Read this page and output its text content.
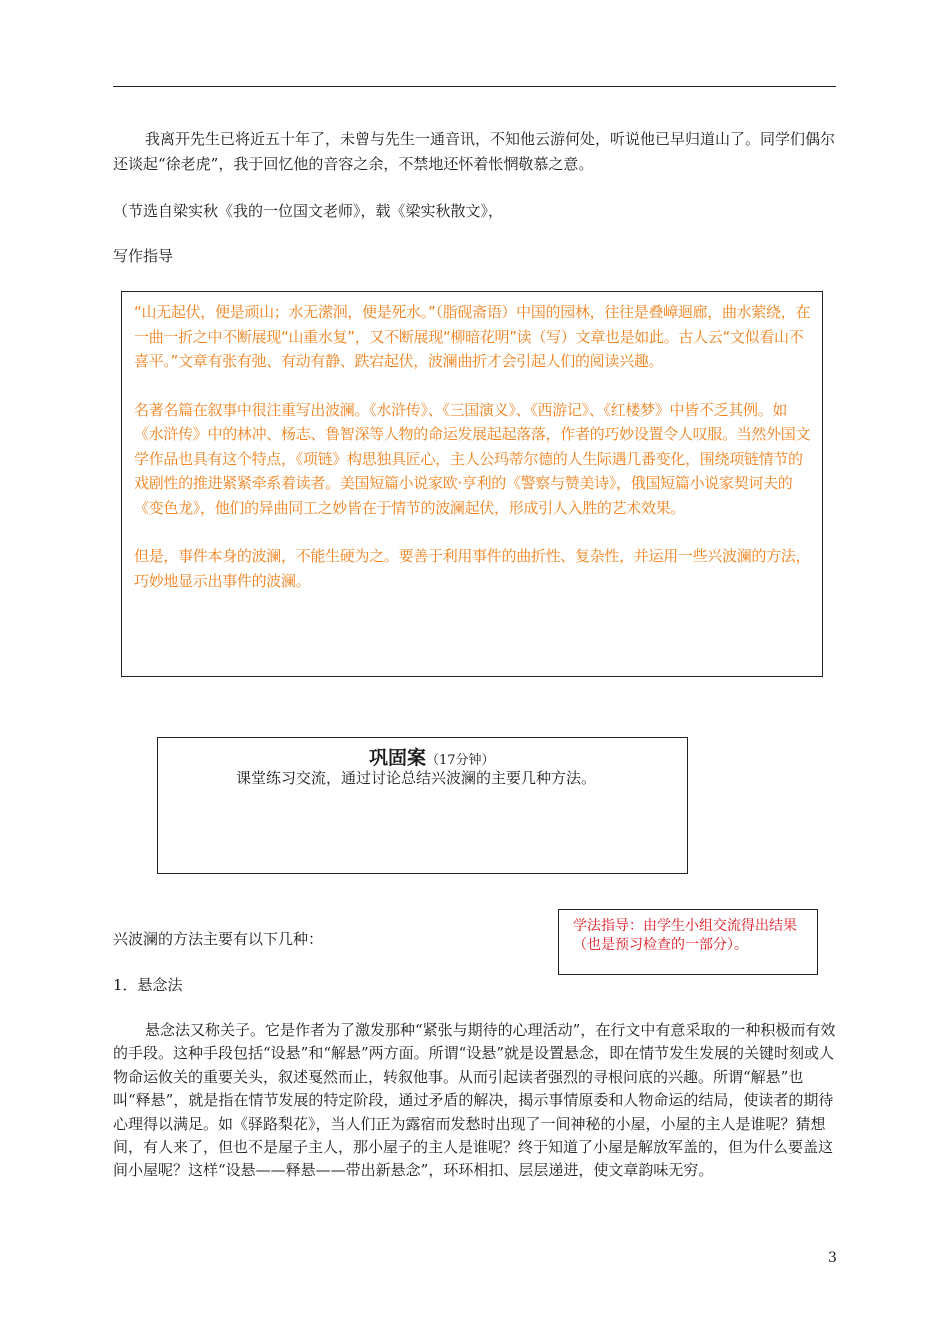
我离开先生已将近五十年了，未曾与先生一通音讯，不知他云游何处，听说他已早归道山了。同学们偶尔还谈起“徐老虎”，我于回忆他的音容之余，不禁地还怀着怅惘敬慕之意。

（节选自梁实秋《我的一位国文老师》，载《梁实秋散文》，

写作指导

“山无起伏，便是顽山；水无潆洄，便是死水。”（脂砚斋语）中国的园林，往往是叠嶂迴廊，曲水萦绕，在一曲一折之中不断展现“山重水复”，又不断展现“柳暗花明”读（写）文章也是如此。古人云“文似看山不喜平。”文章有张有弛、有动有静、跌宕起伏，波澜曲折才会引起人们的阅读兴趣。

名著名篇在叙事中很注重写出波澜。《水浒传》、《三国演义》、《西游记》、《红楼梦》中皆不乏其例。如《水浒传》中的林冲、杨志、鲁智深等人物的命运发展起起落落，作者的巧妙设置令人叹服。当然外国文学作品也具有这个特点，《项链》构思独具匠心，主人公玛蒂尔德的人生际遇几番变化，围绕项链情节的戏剧性的推进紧紧牵系着读者。美国短篇小说家欧·亨利的《警察与赞美诗》，俄国短篇小说家契诃夫的《变色龙》，他们的异曲同工之妙皆在于情节的波澜起伏，形成引人入胜的艺术效果。

但是，事件本身的波澜，不能生硬为之。要善于利用事件的曲折性、复杂性，并运用一些兴波澜的方法，巧妙地显示出事件的波澜。

巩固案（17分钟）
课堂练习交流，通过讨论总结兴波澜的主要几种方法。

兴波澜的方法主要有以下几种：

学法指导：由学生小组交流得出结果（也是预习检查的一部分）。

1．悬念法

悬念法又称关子。它是作者为了激发那种“紧张与期待的心理活动”，在行文中有意采取的一种积极而有效的手段。这种手段包括“设悬”和“解悬”两方面。所谓“设悬”就是设置悬念，即在情节发生发展的关键时刻或人物命运攸关的重要关头，叙述戛然而止，转叙他事。从而引起读者强烈的寻根问底的兴趣。所谓“解悬”也叫“释悬”，就是指在情节发展的特定阶段，通过矛盾的解决，揭示事情原委和人物命运的结局，使读者的期待心理得以满足。如《驿路梨花》，当人们正为露宿而发愁时出现了一间神秘的小屋，小屋的主人是谁呢？猜想间，有人来了，但也不是屋子主人，那小屋子的主人是谁呢？终于知道了小屋是解放军盖的，但为什么要盖这间小屋呢？这样“设悬——释悬——带出新悬念”，环环相扣、层层递进，使文章韵味无穷。

3
